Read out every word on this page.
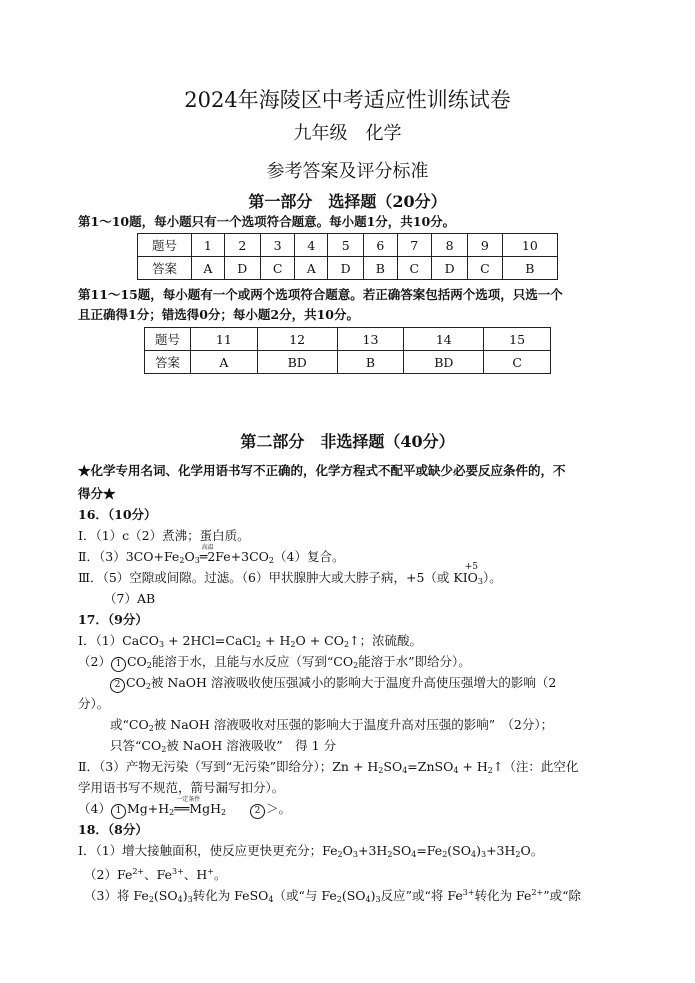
2024年海陵区中考适应性训练试卷
九年级　化学
参考答案及评分标准
第一部分　选择题（20分）
第1～10题，每小题只有一个选项符合题意。每小题1分，共10分。
题号	1	2	3	4	5	6	7	8	9	10
答案	A	D	C	A	D	B	C	D	C	B
第11～15题，每小题有一个或两个选项符合题意。若正确答案包括两个选项，只选一个
且正确得1分；错选得0分；每小题2分，共10分。
题号	11	12	13	14	15
答案	A	BD	B	BD	C
第二部分　非选择题（40分）
★化学专用名词、化学用语书写不正确的，化学方程式不配平或缺少必要反应条件的，不
得分★
16．（10分）
Ⅰ．（1）c（2）煮沸；蛋白质。
Ⅱ．$(3)3CO+Fe_2O_3$
高温
$═2Fe+3CO_2(4)$复合。
Ⅲ．（5）空隙或间隙。过滤。（6）甲状腺肿大或大脖子病，+5（或 K
+5
$IO_3$）。
（7）AB
17．（9分）
Ⅰ．（1）CaCO$_3$ + 2HCl=CaCl$_2$ + $H_2O$ + $CO_2↑$；浓硫酸。
（2） 1 $CO_2$能溶于水，且能与水反应（写到“$CO_2$能溶于水”即给分）。
2 $CO_2$被 NaOH 溶液吸收使压强减小的影响大于温度升高使压强增大的影响（2
分）。
或“$CO_2$被 NaOH 溶液吸收对压强的影响大于温度升高对压强的影响”　（2分）；
只答“$CO_2$被 NaOH 溶液吸收”　得 1 分
Ⅱ．（3）产物无污染（写到“无污染”即给分）；$Zn + H_2SO_4=ZnSO_4$ + $H_2↑$（注：此空化
学用语书写不规范，箭号漏写扣分）。
（4） 1 $Mg+H_2$
一定条件
══MgH$_2$	2 ＞。
18．（8分）
Ⅰ．（1）增大接触面积，使反应更快更充分；$Fe_2O_3+3H_2SO_4=Fe_2(SO_4)_3+3H_2O$。
$(2)Fe^{2+}$、$Fe^{3+}$、H+。
（3）将 $Fe_2(SO_4)_3$转化为 FeSO$_4$（或“与 $Fe_2(SO_4)_3$反应”或“将 $Fe^{3+}$转化为 $Fe^{2+}$”或“除
